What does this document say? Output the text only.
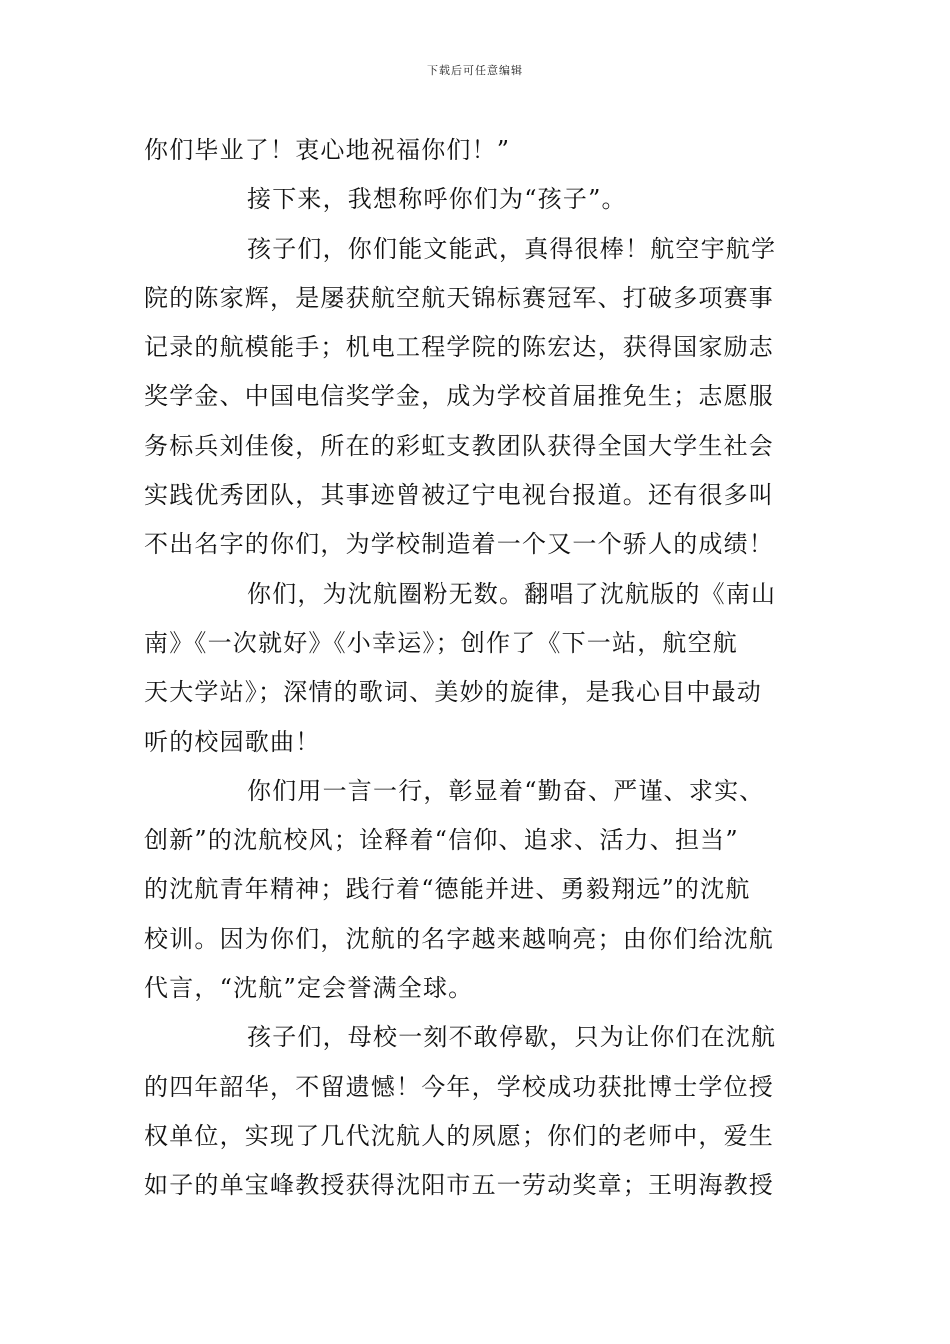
下载后可任意编辑
你们毕业了！衷心地祝福你们！”
接下来，我想称呼你们为“孩子”。
孩子们，你们能文能武，真得很棒！航空宇航学
院的陈家辉，是屡获航空航天锦标赛冠军、打破多项赛事
记录的航模能手；机电工程学院的陈宏达，获得国家励志
奖学金、中国电信奖学金，成为学校首届推免生；志愿服
务标兵刘佳俊，所在的彩虹支教团队获得全国大学生社会
实践优秀团队，其事迹曾被辽宁电视台报道。还有很多叫
不出名字的你们，为学校制造着一个又一个骄人的成绩！
你们，为沈航圈粉无数。翻唱了沈航版的《南山
南》《一次就好》《小幸运》；创作了《下一站，航空航
天大学站》；深情的歌词、美妙的旋律，是我心目中最动
听的校园歌曲！
你们用一言一行，彰显着“勤奋、严谨、求实、
创新”的沈航校风；诠释着“信仰、追求、活力、担当”
的沈航青年精神；践行着“德能并进、勇毅翔远”的沈航
校训。因为你们，沈航的名字越来越响亮；由你们给沈航
代言，“沈航”定会誉满全球。
孩子们，母校一刻不敢停歇，只为让你们在沈航
的四年韶华，不留遗憾！今年，学校成功获批博士学位授
权单位，实现了几代沈航人的夙愿；你们的老师中，爱生
如子的单宝峰教授获得沈阳市五一劳动奖章；王明海教授
